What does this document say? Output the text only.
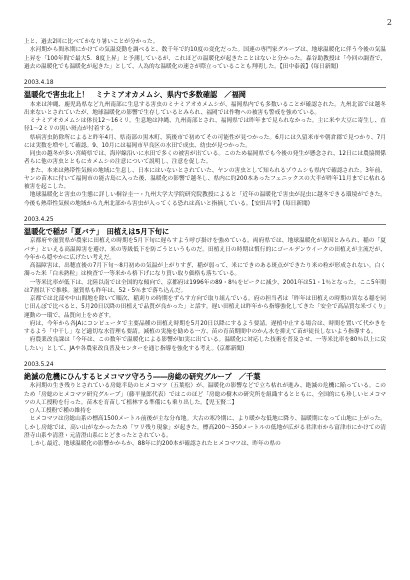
2

上と、過去2回に比べてかなり暑いことが分かった。

　水河期から間氷期にかけての気温変動を調べると、数千年で約10度の変化だった。国連の専門家グループは、地球温暖化に伴う今後の気温上昇を「100年間で最大5．8度上昇」と予測しているが、これほどの温暖化が起きたことはないと分かった。森谷助教授は「今回の調査で、過去の温暖化でも温暖化が起きた」として、人為的な温暖化の速さが際立っていることも判明した。【田中泰義】(毎日新聞)

2003.4.18
温暖化で害虫北上！　ミナミアオカメムシ、県内で多数確認　／福岡

　本来は沖縄、鹿児島県など九州南部に生息する害虫のミナミアオカメムシが、福岡県内でも多数いることが確認された。九州北部では越冬出来ないとされていたが、地球温暖化の影響で生存しているとみられ、福岡では作物への被害も警戒を強めている。

　ミナミアオカメムシは体長12～16ミリ。生息地は沖縄、九州南部とされ、福岡県では昨年まで見られなかった。主に米や大豆に寄生し、直径1～2ミリの黒い斑点が付着する。

　県病害虫防除所によると昨年4月、県南部の黒木町、筑後市で初めてその可能性が見つかった。6月には久留米市や朝倉郡で見つかり、7月には実数を増やして確認。9、10月には福岡市早良区の水田で成虫、幼虫が見つかった。

　同虫の越冬が多い宮崎県では、海岸線沿いに水田で多くの被害が出ている。このため福岡県でも今後の発生が懸念され、12日には農協関係者らに他の害虫とともにカメムシの注意について説明し、注意を促した。

　また、本来は熱帯性気候の地域に生息し、日本にはいないとされていた、ヤンの害虫として知られるゾウムシも県内で確認された。3年前、ヤンの苗木に付いて福岡市の能古島に入った後、温暖化の影響で越冬し、県内に約200本あったフェニックスの大半が昨年11月までに枯れる被害を起こした。

　地球温暖化と害虫の生態に詳しい桐谷圭一・九州大学大学院研究院教授によると「近年の温暖化で害虫が昆虫に越冬できる環境ができた。今後も熱帯性気候の地域から九州北部から害虫が入ってくる恐れは高いと指摘している。【安田昌平】(毎日新聞)

2003.4.25
温暖化で稲が「夏バテ」　田植えは5月下旬に

　京都府や滋賀県が農家に田植えの時期を5月下旬に遅らすよう呼び掛けを強めている。両府県では、地球温暖化が原因とみられ、稲の「夏バテ」といえる高温障害を避け、米の等級低下を防ごうというものだ。田植え日の時期は慣行的にゴールデンウイークの田植えが主流だが、今年から穏やかに広げたい考えだ。

　高温障害は、出穂直後の7月下旬～8月初めの気温が上がりすぎ、稲が弱って、米にできのある斑点ができたり米の粒が形成されない。白く濁った米「白未熟粒」は検査で一等米から格下げになり買い取り価格も落ちている。

　一等米比率が低下は、北陸以南では全国的な傾向で、京都府は1996年の89・8％をピークに減少、2001年は51・1％となった。ここ5年間は7割以下で推移。滋賀県も昨年は、52・5％まで落ち込んだ。

　京都では北部や中山間地を除いて順次、稲刈りの時期をずらす方向で取り組んでいる。府の担当者は「昨年は田植えの時期の異なる稲を同じ田んぼで比べると、5月20日以降の田植えで品質が良かった」と話す。遅い田植えは昨年から指導強化してきた「安全で高品質な米づくり」運動の一環で、品質向上をめざす。

　府は、今年から各JAにコンピュータで主要品種の田植え時期を5月20日以降にするよう要請。遅植中止する場合は、時間を置いて代かきをするよう「中干し」など適切な水管理も要請。減植の実施を勧める一方、苗の育苗期間中のかん水を抑えて苗が徒長しないよう指導する。

　府農業改良課は「今年は、この数年で温暖化による影響が如実に出ている。温暖化に対応した技術を普及させ、一等米比率を80％以上に戻したい」として、JAや各農家改良普及センターを通じ指導を強化する考え。(京都新聞)

2003.5.24
絶滅の危機にひんするヒメコマツ守ろう――房総の研究グループ　／千葉

　氷河期の生き残りとされている房総半島のヒメコマツ（五葉松）が、温暖化の影響などで立ち枯れが進み、絶滅の危機に陥っている。このため「房総のヒメコマツ研究グループ」（藤平量郎代表）ではこのほど「房総の樹木の研究所を組織するとともに、全国的にも珍しいヒメコマツの人工授粉を行った。苗木を育苗して植林する準備にも乗り出した。【児玉賢二】

　○人工授粉で種の維持を

　ヒメコマツは房総山系の標高1500メートル前後が主な分布地。大古の寒冷期に、より暖かな低地に降り、温暖期になって山地に上がった。しかし房総では、高い山がなかったため「ワリ残り現象」が起きた。標高200～350メートルの低地が広がる君津市から富津市にかけての清澄寺山系や清澄・元清澄山系にとどまったとされている。

　しかし最近、地球温暖化の影響かからか、88年に約200本が確認されたヒメコマツは、昨年の県の
